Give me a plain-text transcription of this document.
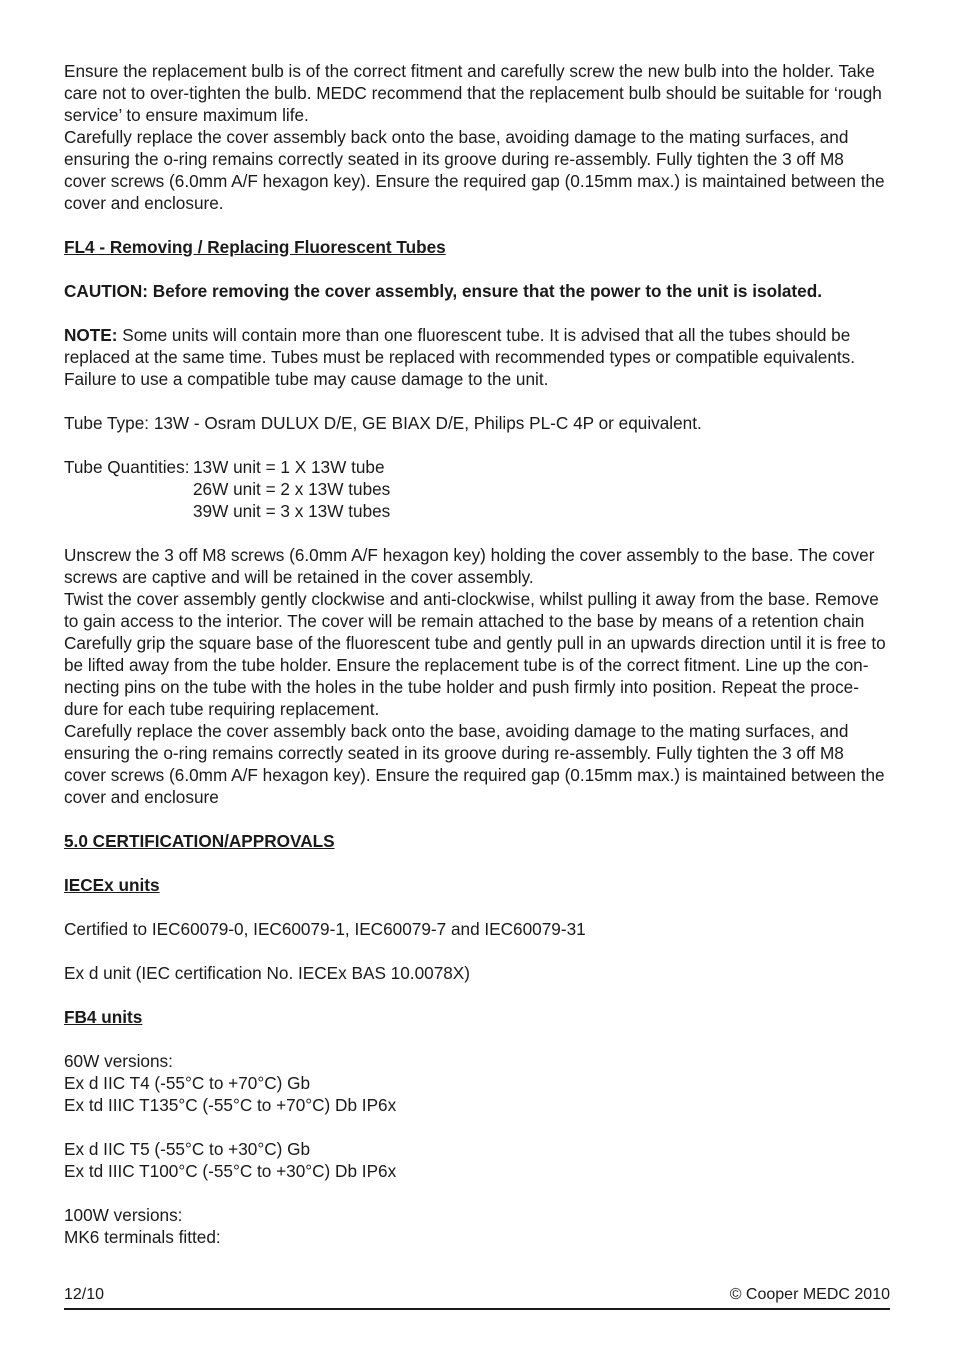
Ensure the replacement bulb is of the correct fitment and carefully screw the new bulb into the holder. Take care not to over-tighten the bulb. MEDC recommend that the replacement bulb should be suitable for ‘rough service’ to ensure maximum life.

Carefully replace the cover assembly back onto the base, avoiding damage to the mating surfaces, and ensuring the o-ring remains correctly seated in its groove during re-assembly. Fully tighten the 3 off M8 cover screws (6.0mm A/F hexagon key). Ensure the required gap (0.15mm max.) is maintained between the cover and enclosure.

FL4 - Removing / Replacing Fluorescent Tubes

CAUTION: Before removing the cover assembly, ensure that the power to the unit is isolated.

NOTE: Some units will contain more than one fluorescent tube. It is advised that all the tubes should be replaced at the same time. Tubes must be replaced with recommended types or compatible equivalents. Failure to use a compatible tube may cause damage to the unit.

Tube Type: 13W - Osram DULUX D/E, GE BIAX D/E, Philips PL-C 4P or equivalent.

Tube Quantities: 13W unit = 1 X 13W tube
26W unit = 2 x 13W tubes
39W unit = 3 x 13W tubes

Unscrew the 3 off M8 screws (6.0mm A/F hexagon key) holding the cover assembly to the base. The cover screws are captive and will be retained in the cover assembly.

Twist the cover assembly gently clockwise and anti-clockwise, whilst pulling it away from the base. Remove to gain access to the interior. The cover will be remain attached to the base by means of a retention chain

Carefully grip the square base of the fluorescent tube and gently pull in an upwards direction until it is free to be lifted away from the tube holder. Ensure the replacement tube is of the correct fitment. Line up the con-necting pins on the tube with the holes in the tube holder and push firmly into position. Repeat the proce-dure for each tube requiring replacement.

Carefully replace the cover assembly back onto the base, avoiding damage to the mating surfaces, and ensuring the o-ring remains correctly seated in its groove during re-assembly. Fully tighten the 3 off M8 cover screws (6.0mm A/F hexagon key). Ensure the required gap (0.15mm max.) is maintained between the cover and enclosure

5.0 CERTIFICATION/APPROVALS

IECEx units

Certified to IEC60079-0, IEC60079-1, IEC60079-7 and IEC60079-31

Ex d unit (IEC certification No. IECEx BAS 10.0078X)

FB4 units

60W versions:

Ex d IIC T4 (-55°C to +70°C) Gb

Ex td IIIC T135°C (-55°C to +70°C) Db IP6x

Ex d IIC T5 (-55°C to +30°C) Gb

Ex td IIIC T100°C (-55°C to +30°C) Db IP6x

100W versions:

MK6 terminals fitted:

12/10	© Cooper MEDC 2010
